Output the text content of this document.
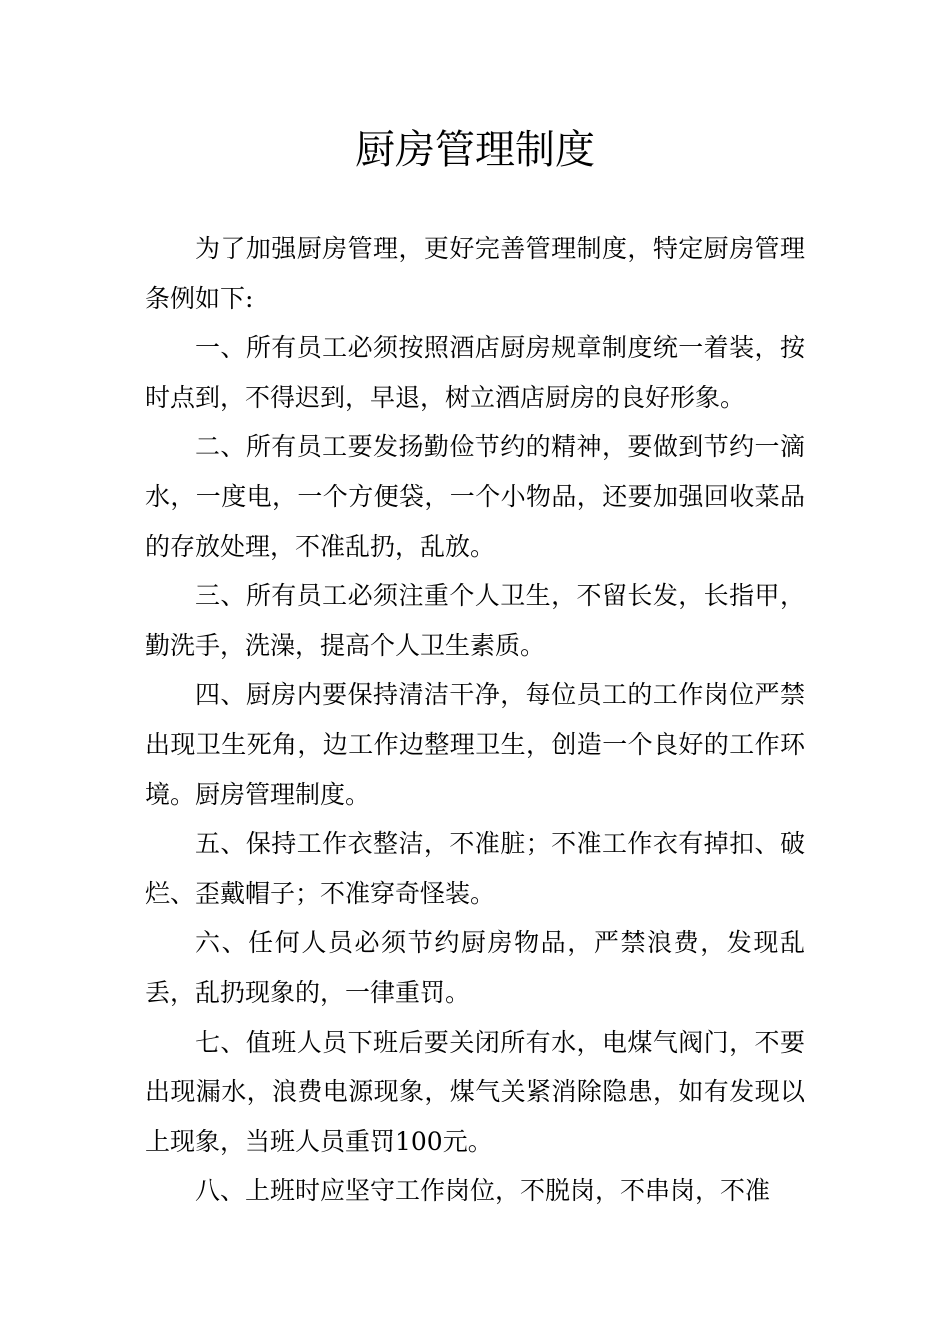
厨房管理制度

为了加强厨房管理，更好完善管理制度，特定厨房管理条例如下:

一、所有员工必须按照酒店厨房规章制度统一着装，按时点到，不得迟到，早退，树立酒店厨房的良好形象。

二、所有员工要发扬勤俭节约的精神，要做到节约一滴水，一度电，一个方便袋，一个小物品，还要加强回收菜品的存放处理，不准乱扔，乱放。

三、所有员工必须注重个人卫生，不留长发，长指甲，勤洗手，洗澡，提高个人卫生素质。

四、厨房内要保持清洁干净，每位员工的工作岗位严禁出现卫生死角，边工作边整理卫生，创造一个良好的工作环境。厨房管理制度。

五、保持工作衣整洁，不准脏；不准工作衣有掉扣、破烂、歪戴帽子；不准穿奇怪装。

六、任何人员必须节约厨房物品，严禁浪费，发现乱丢，乱扔现象的，一律重罚。

七、值班人员下班后要关闭所有水，电煤气阀门，不要出现漏水，浪费电源现象，煤气关紧消除隐患，如有发现以上现象，当班人员重罚100元。

八、上班时应坚守工作岗位，不脱岗，不串岗，不准
